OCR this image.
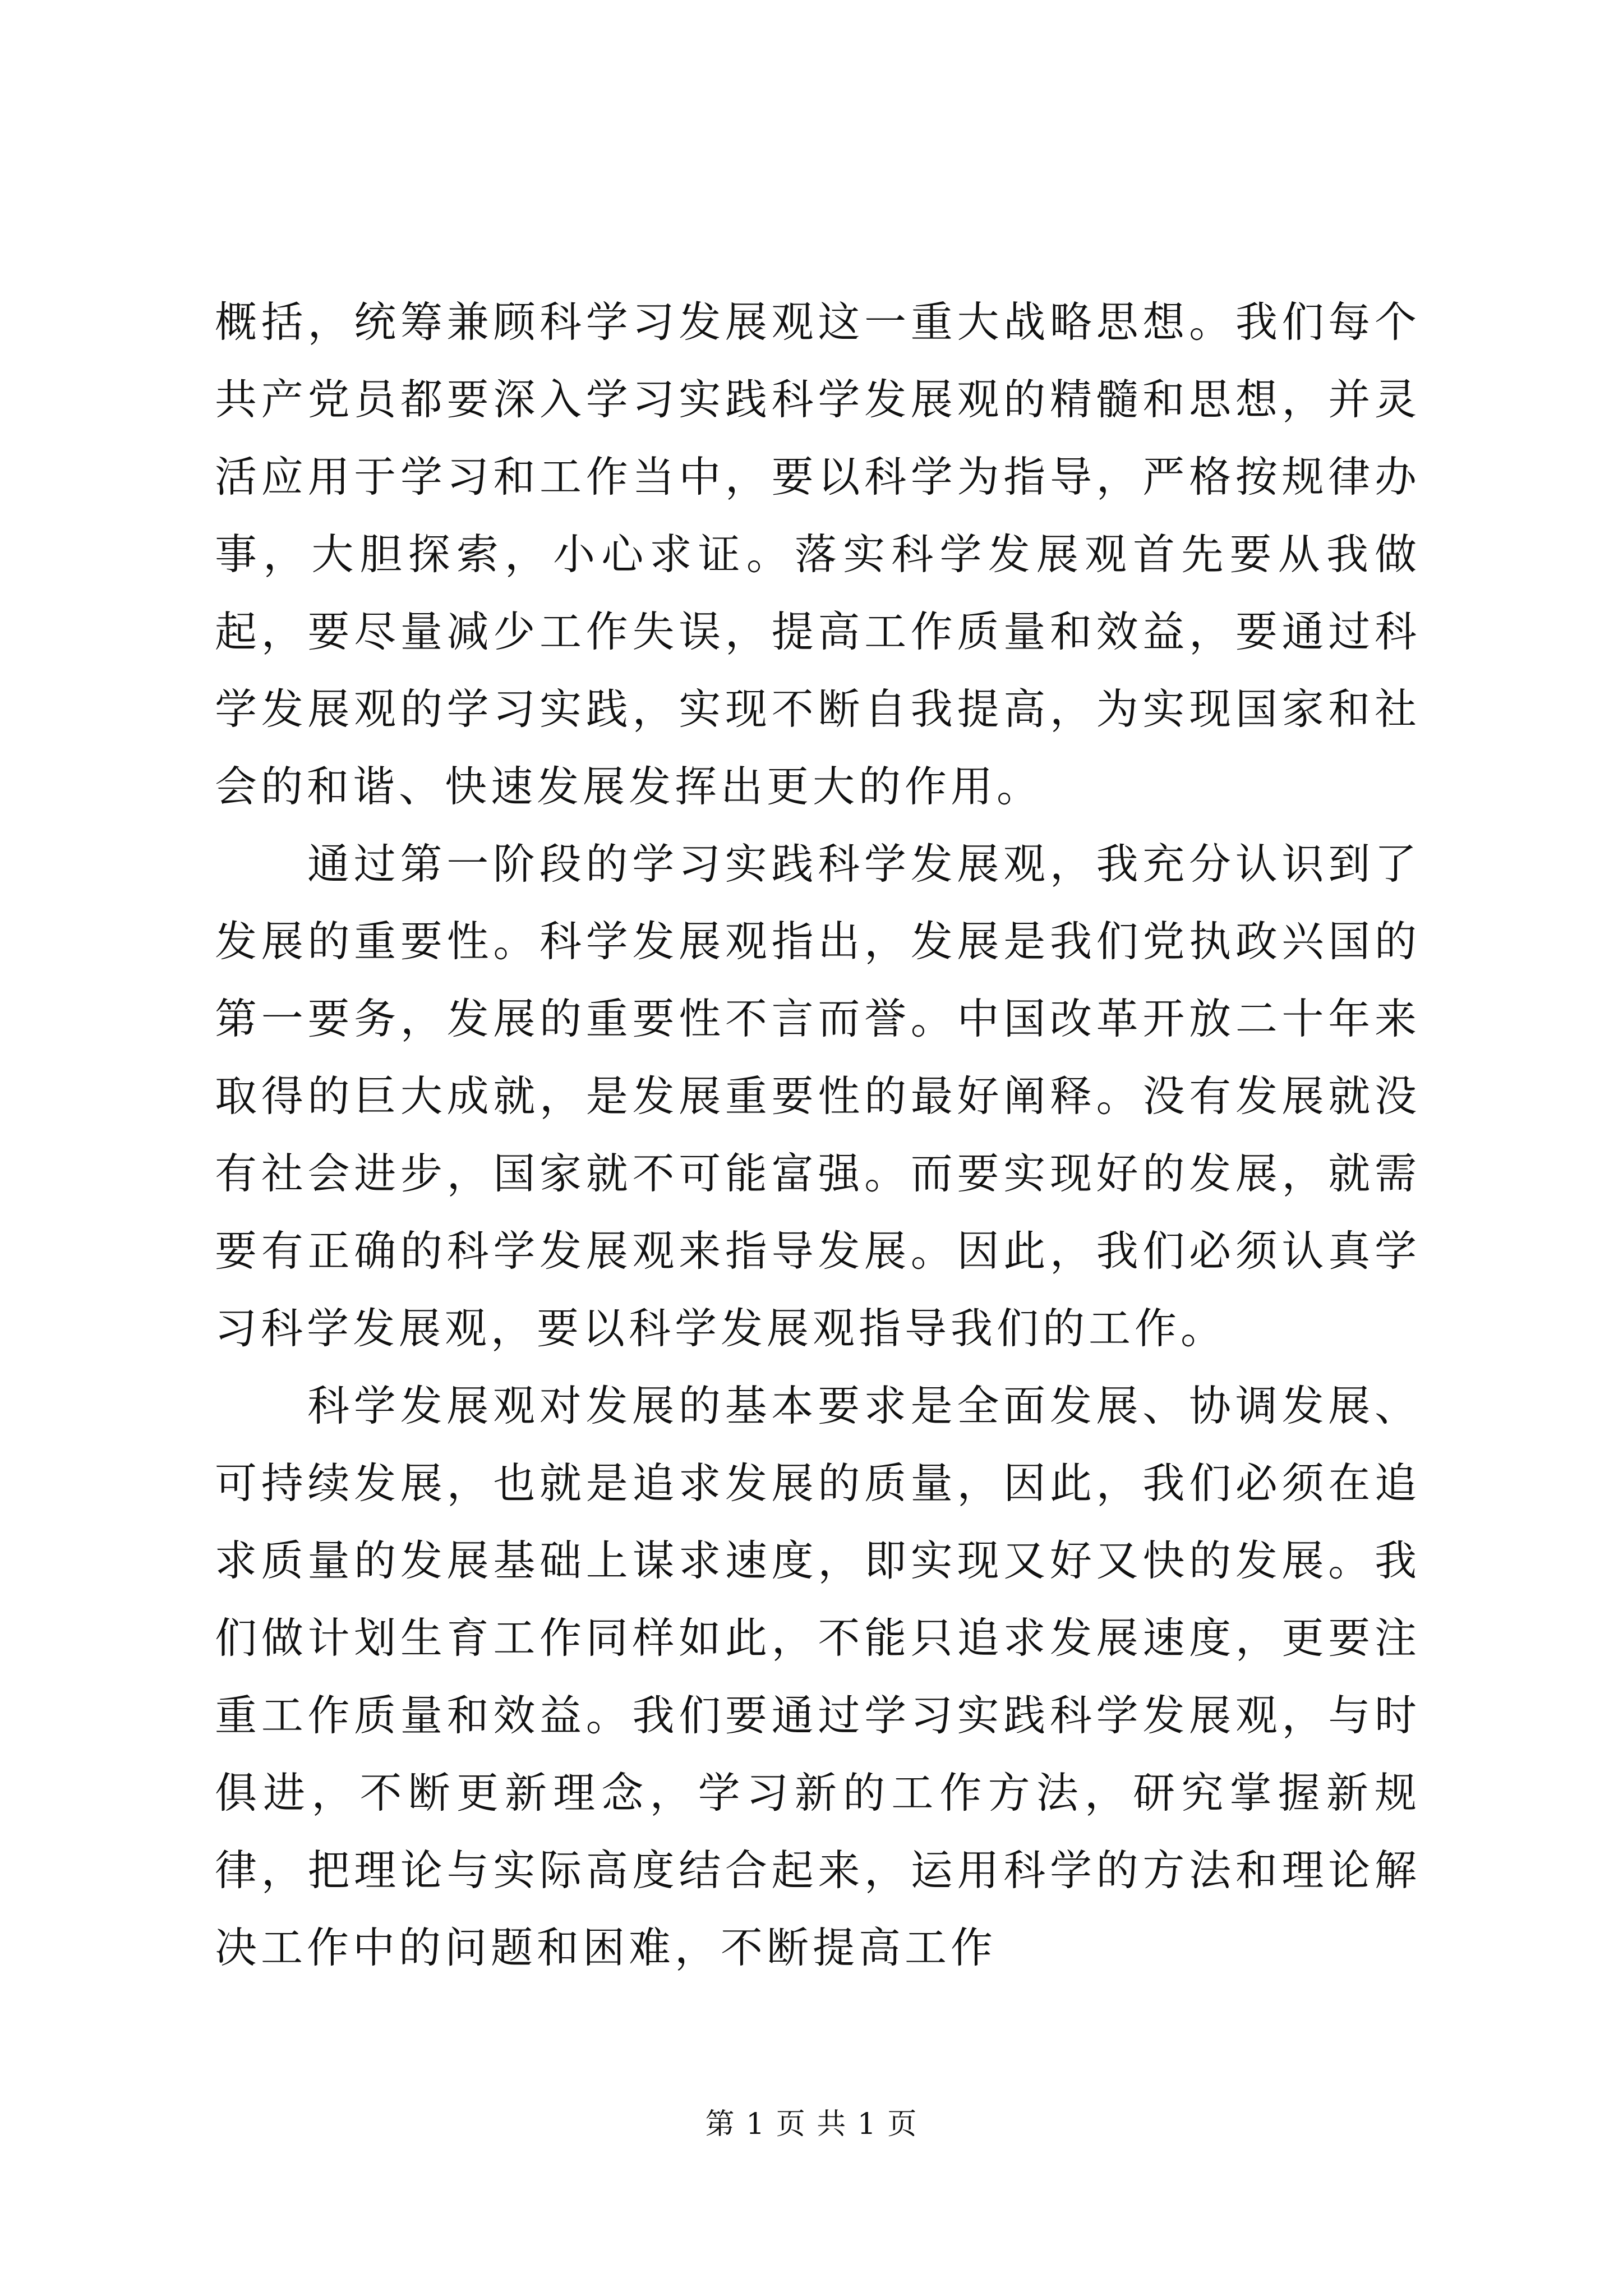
概括，统筹兼顾科学习发展观这一重大战略思想。我们每个共产党员都要深入学习实践科学发展观的精髓和思想，并灵活应用于学习和工作当中，要以科学为指导，严格按规律办事，大胆探索，小心求证。落实科学发展观首先要从我做起，要尽量减少工作失误，提高工作质量和效益，要通过科学发展观的学习实践，实现不断自我提高，为实现国家和社会的和谐、快速发展发挥出更大的作用。

通过第一阶段的学习实践科学发展观，我充分认识到了发展的重要性。科学发展观指出，发展是我们党执政兴国的第一要务，发展的重要性不言而誉。中国改革开放二十年来取得的巨大成就，是发展重要性的最好阐释。没有发展就没有社会进步，国家就不可能富强。而要实现好的发展，就需要有正确的科学发展观来指导发展。因此，我们必须认真学习科学发展观，要以科学发展观指导我们的工作。

科学发展观对发展的基本要求是全面发展、协调发展、可持续发展，也就是追求发展的质量，因此，我们必须在追求质量的发展基础上谋求速度，即实现又好又快的发展。我们做计划生育工作同样如此，不能只追求发展速度，更要注重工作质量和效益。我们要通过学习实践科学发展观，与时俱进，不断更新理念，学习新的工作方法，研究掌握新规律，把理论与实际高度结合起来，运用科学的方法和理论解决工作中的问题和困难，不断提高工作

第 1 页 共 1 页
